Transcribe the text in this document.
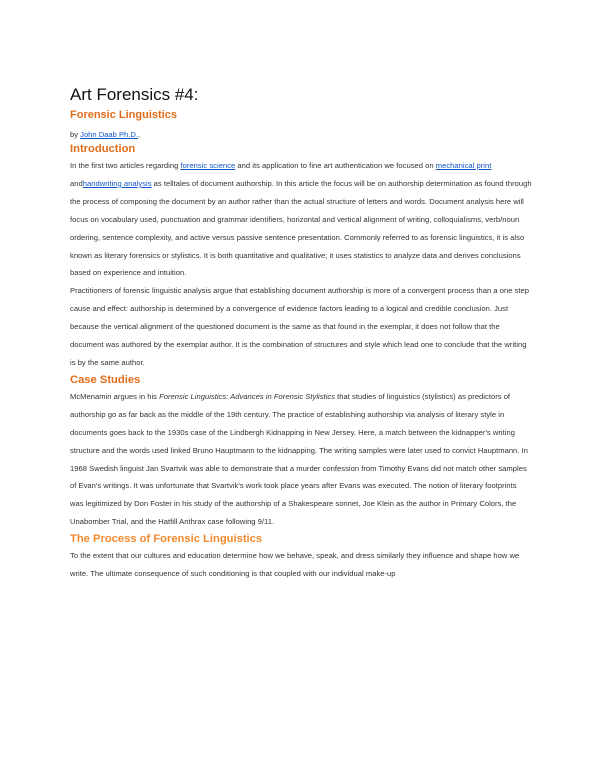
Art Forensics #4:
Forensic Linguistics
by John Daab Ph.D.,
Introduction

In the first two articles regarding forensic science and its application to fine art authentication we focused on mechanical print andhandwriting analysis as telltales of document authorship. In this article the focus will be on authorship determination as found through the process of composing the document by an author rather than the actual structure of letters and words. Document analysis here will focus on vocabulary used, punctuation and grammar identifiers, horizontal and vertical alignment of writing, colloquialisms, verb/noun ordering, sentence complexity, and active versus passive sentence presentation. Commonly referred to as forensic linguistics, it is also known as literary forensics or stylistics. It is both quantitative and qualitative; it uses statistics to analyze data and derives conclusions based on experience and intuition.

Practitioners of forensic linguistic analysis argue that establishing document authorship is more of a convergent process than a one step cause and effect: authorship is determined by a convergence of evidence factors leading to a logical and credible conclusion. Just because the vertical alignment of the questioned document is the same as that found in the exemplar, it does not follow that the document was authored by the exemplar author. It is the combination of structures and style which lead one to conclude that the writing is by the same author.

Case Studies

McMenamin argues in his Forensic Linguistics: Advances in Forensic Stylistics that studies of linguistics (stylistics) as predictors of authorship go as far back as the middle of the 19th century. The practice of establishing authorship via analysis of literary style in documents goes back to the 1930s case of the Lindbergh Kidnapping in New Jersey. Here, a match between the kidnapper's writing structure and the words used linked Bruno Hauptmann to the kidnapping. The writing samples were later used to convict Hauptmann. In 1968 Swedish linguist Jan Svartvik was able to demonstrate that a murder confession from Timothy Evans did not match other samples of Evan's writings. It was unfortunate that Svartvik's work took place years after Evans was executed. The notion of literary footprints was legitimized by Don Foster in his study of the authorship of a Shakespeare sonnet, Joe Klein as the author in Primary Colors, the Unabomber Trial, and the Hatfill Anthrax case following 9/11.

The Process of Forensic Linguistics

To the extent that our cultures and education determine how we behave, speak, and dress similarly they influence and shape how we write. The ultimate consequence of such conditioning is that coupled with our individual make-up
